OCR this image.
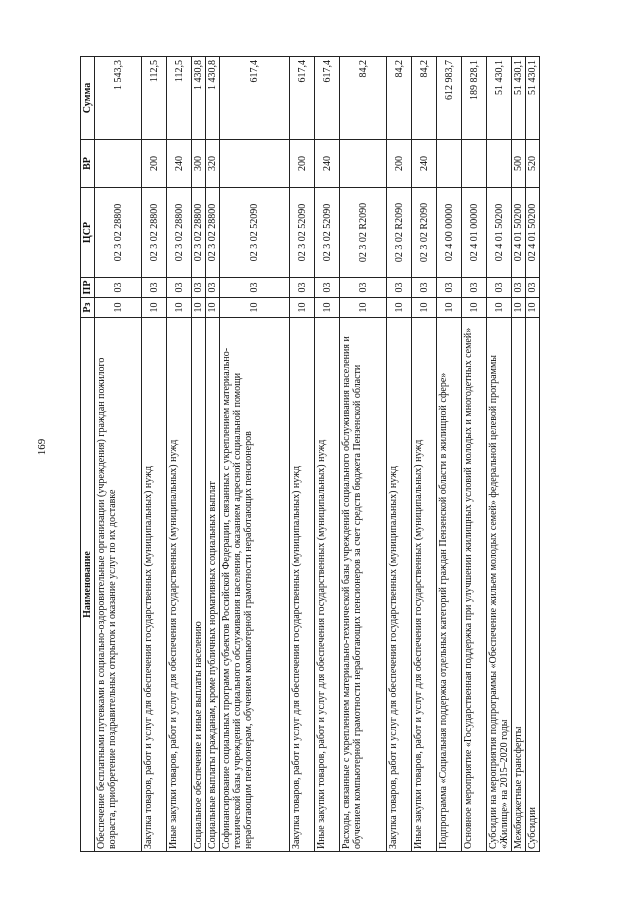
169
Наименование	Рз	ПР	ЦСР	ВР	Сумма
Обеспечение бесплатными путевками в социально-оздоровительные организации (учреждения) граждан пожилого возраста, приобретение поздравительных открыток и оказание услуг по их доставке	10	03	02 3 02 28800		1 543,3
Закупка товаров, работ и услуг для обеспечения государственных (муниципальных) нужд	10	03	02 3 02 28800	200	112,5
Иные закупки товаров, работ и услуг для обеспечения государственных (муниципальных) нужд	10	03	02 3 02 28800	240	112,5
Социальное обеспечение и иные выплаты населению	10	03	02 3 02 28800	300	1 430,8
Социальные выплаты гражданам, кроме публичных нормативных социальных выплат	10	03	02 3 02 28800	320	1 430,8
Софинансирование социальных программ субъектов Российской Федерации, связанных с укреплением материально-технической базы учреждений социального обслуживания населения, оказанием адресной социальной помощи неработающим пенсионерам, обучением компьютерной грамотности неработающих пенсионеров	10	03	02 3 02 52090		617,4
Закупка товаров, работ и услуг для обеспечения государственных (муниципальных) нужд	10	03	02 3 02 52090	200	617,4
Иные закупки товаров, работ и услуг для обеспечения государственных (муниципальных) нужд	10	03	02 3 02 52090	240	617,4
Расходы, связанные с укреплением материально-технической базы учреждений социального обслуживания населения и обучением компьютерной грамотности неработающих пенсионеров за счет средств бюджета Пензенской области	10	03	02 3 02 R2090		84,2
Закупка товаров, работ и услуг для обеспечения государственных (муниципальных) нужд	10	03	02 3 02 R2090	200	84,2
Иные закупки товаров, работ и услуг для обеспечения государственных (муниципальных) нужд	10	03	02 3 02 R2090	240	84,2
Подпрограмма «Социальная поддержка отдельных категорий граждан Пензенской области в жилищной сфере»	10	03	02 4 00 00000		612 983,7
Основное мероприятие «Государственная поддержка при улучшении жилищных условий молодых и многодетных семей»	10	03	02 4 01 00000		189 828,1
Субсидии на мероприятия подпрограммы «Обеспечение жильем молодых семей» федеральной целевой программы «Жилище» на 2015–2020 годы	10	03	02 4 01 50200		51 430,1
Межбюджетные трансферты	10	03	02 4 01 50200	500	51 430,1
Субсидии	10	03	02 4 01 50200	520	51 430,1
